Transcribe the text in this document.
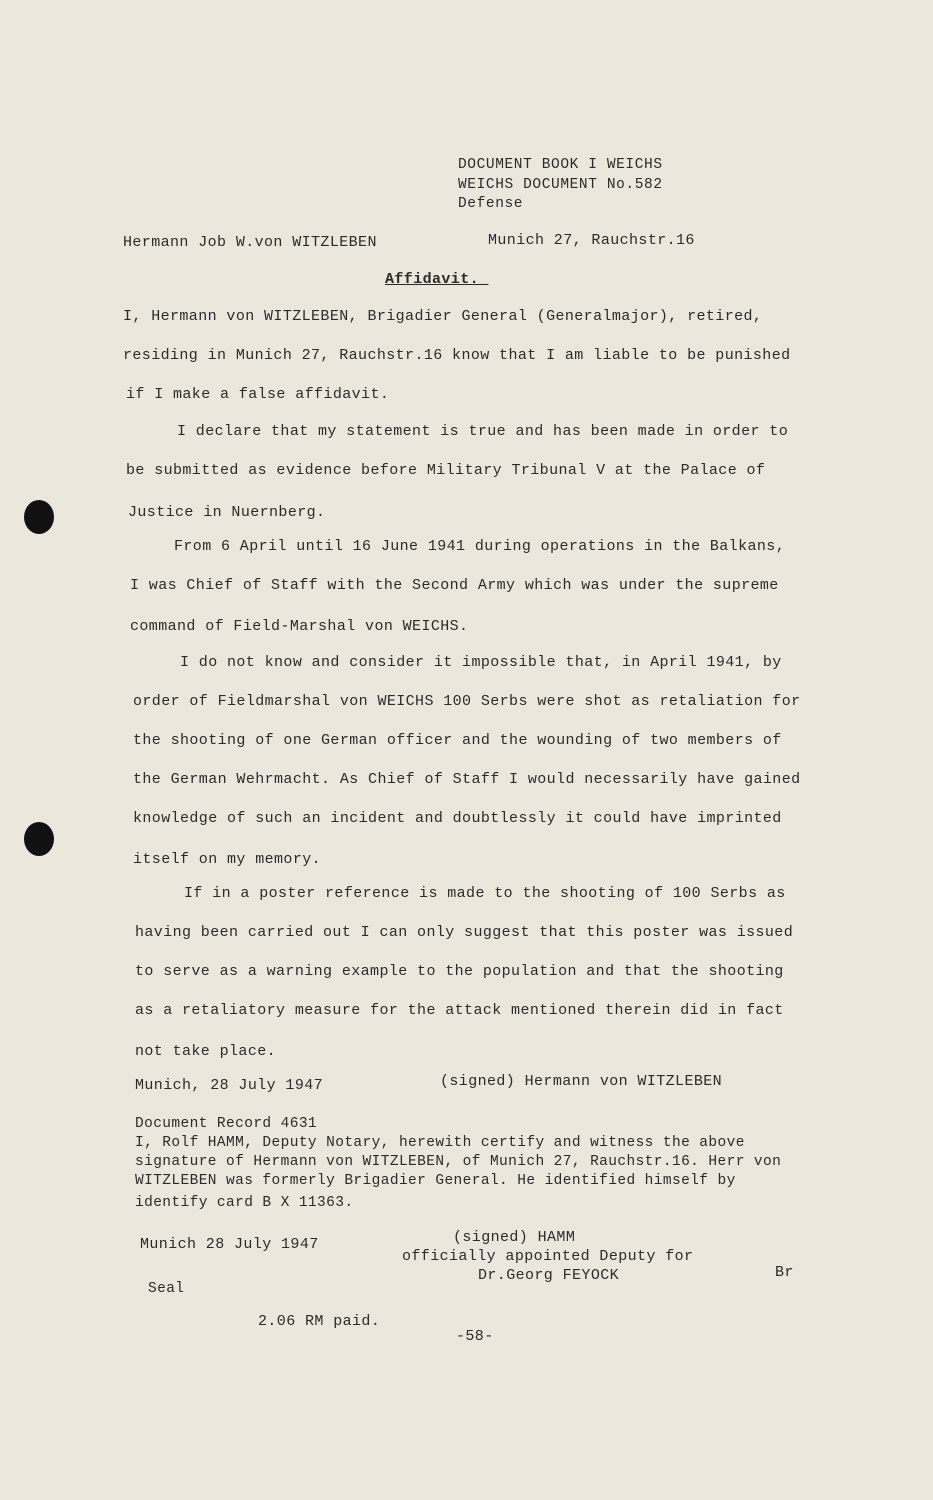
DOCUMENT BOOK I WEICHS
WEICHS DOCUMENT No.582
Defense
Hermann Job W.von WITZLEBEN	Munich 27, Rauchstr.16
Affidavit._
I, Hermann von WITZLEBEN, Brigadier General (Generalmajor), retired,
residing in Munich 27, Rauchstr.16 know that I am liable to be punished
if I make a false affidavit.
I declare that my statement is true and has been made in order to
be submitted as evidence before Military Tribunal V at the Palace of
Justice in Nuernberg.
From 6 April until 16 June 1941 during operations in the Balkans,
I was Chief of Staff with the Second Army which was under the supreme
command of Field-Marshal von WEICHS.
I do not know and consider it impossible that, in April 1941, by
order of Fieldmarshal von WEICHS 100 Serbs were shot as retaliation for
the shooting of one German officer and the wounding of two members of
the German Wehrmacht. As Chief of Staff I would necessarily have gained
knowledge of such an incident and doubtlessly it could have imprinted
itself on my memory.
If in a poster reference is made to the shooting of 100 Serbs as
having been carried out I can only suggest that this poster was issued
to serve as a warning example to the population and that the shooting
as a retaliatory measure for the attack mentioned therein did in fact
not take place.
Munich, 28 July 1947	(signed) Hermann von WITZLEBEN
Document Record 4631
I, Rolf HAMM, Deputy Notary, herewith certify and witness the above
signature of Hermann von WITZLEBEN, of Munich 27, Rauchstr.16. Herr von
WITZLEBEN was formerly Brigadier General. He identified himself by
identify card B X 11363.
Munich 28 July 1947	(signed) HAMM
officially appointed Deputy for
Dr.Georg FEYOCK	Br
Seal
2.06 RM paid.
-58-
